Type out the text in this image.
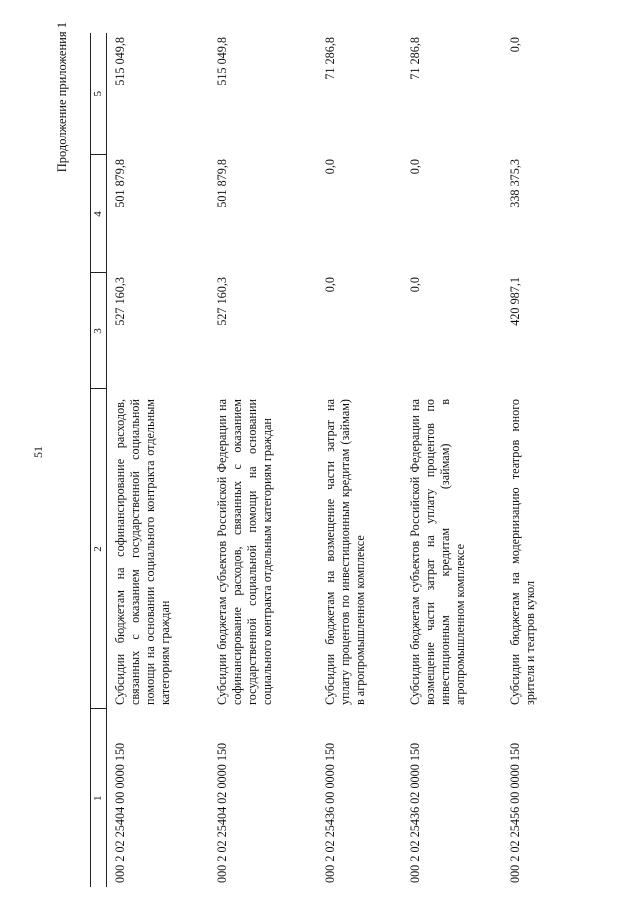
51
Продолжение приложения 1
1	2	3	4	5
000 2 02 25404 00 0000 150	Субсидии бюджетам на софинансирование расходов, связанных с оказанием государственной социальной помощи на основании социального контракта отдельным категориям граждан	527 160,3	501 879,8	515 049,8
000 2 02 25404 02 0000 150	Субсидии бюджетам субъектов Российской Федерации на софинансирование расходов, связанных с оказанием государственной социальной помощи на основании социального контракта отдельным категориям граждан	527 160,3	501 879,8	515 049,8
000 2 02 25436 00 0000 150	Субсидии бюджетам на возмещение части затрат на уплату процентов по инвестиционным кредитам (займам) в агропромышленном комплексе	0,0	0,0	71 286,8
000 2 02 25436 02 0000 150	Субсидии бюджетам субъектов Российской Федерации на возмещение части затрат на уплату процентов по инвестиционным кредитам (займам) в агропромышленном комплексе	0,0	0,0	71 286,8
000 2 02 25456 00 0000 150	Субсидии бюджетам на модернизацию театров юного зрителя и театров кукол	420 987,1	338 375,3	0,0
